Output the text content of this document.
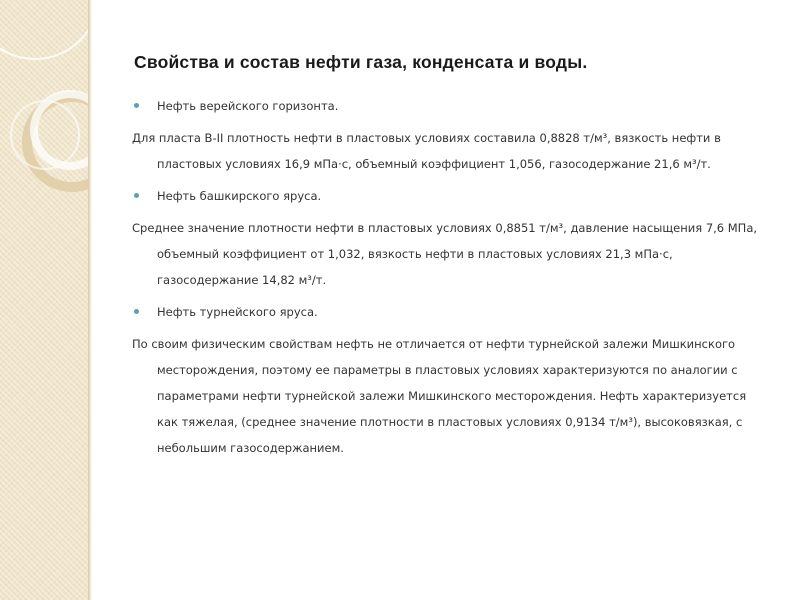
Свойства и состав нефти газа, конденсата и воды.
Нефть верейского горизонта.

Для пласта В-II плотность нефти в пластовых условиях составила 0,8828 т/м³, вязкость нефти в пластовых условиях 16,9 мПа·с, объемный коэффициент 1,056, газосодержание 21,6 м³/т.

Нефть башкирского яруса.

Среднее значение плотности нефти в пластовых условиях 0,8851 т/м³, давление насыщения 7,6 МПа, объемный коэффициент от 1,032, вязкость нефти в пластовых условиях 21,3 мПа·с, газосодержание 14,82 м³/т.

Нефть турнейского яруса.

По своим физическим свойствам нефть не отличается от нефти турнейской залежи Мишкинского месторождения, поэтому ее параметры в пластовых условиях характеризуются по аналогии с параметрами нефти турнейской залежи Мишкинского месторождения. Нефть характеризуется как тяжелая, (среднее значение плотности в пластовых условиях 0,9134 т/м³), высоковязкая, с небольшим газосодержанием.
